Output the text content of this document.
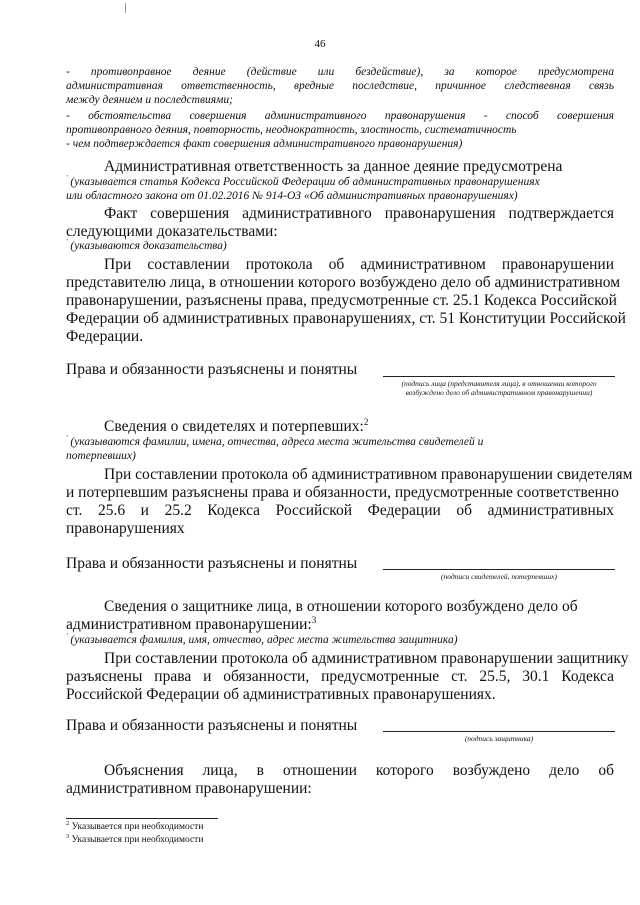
46
- противоправное деяние (действие или бездействие), за которое предусмотрена
административная ответственность, вредные последствие, причинное следствевная связь
между деянием и последствиями;
- обстоятельства совершения административного правонарушения - способ совершения
противоправного деяния, повторность, неоднократность, злостность, систематичность
- чем подтверждается факт совершения административного правонарушения)
Административная ответственность за данное деяние предусмотрена
' (указывается статья Кодекса Российской Федерации об административных правонарушениях
или областного закона от 01.02.2016 № 914-ОЗ «Об административных правонарушениях)
Факт совершения административного правонарушения подтверждается
следующими доказательствами:
' (указываются доказательства)
При составлении протокола об административном правонарушении
представителю лица, в отношении которого возбуждено дело об административном
правонарушении, разъяснены права, предусмотренные ст. 25.1 Кодекса Российской
Федерации об административных правонарушениях, ст. 51 Конституции Российской
Федерации.
Права и обязанности разъяснены и понятны
(подпись лица (представителя лица), в отношении которого
возбуждено дело об административном правонарушении)
Сведения о свидетелях и потерпевших:$^2$
' (указываются фамилии, имена, отчества, адреса места жительства свидетелей и
потерпевших)
При составлении протокола об административном правонарушении свидетелям
и потерпевшим разъяснены права и обязанности, предусмотренные соответственно
ст. 25.6 и 25.2 Кодекса Российской Федерации об административных
правонарушениях
Права и обязанности разъяснены и понятны
(подписи свидетелей, потерпевших)
Сведения о защитнике лица, в отношении которого возбуждено дело об
административном правонарушении:$^3$
' (указывается фамилия, имя, отчество, адрес места жительства защитника)
При составлении протокола об административном правонарушении защитнику
разъяснены права и обязанности, предусмотренные ст. 25.5, 30.1 Кодекса
Российской Федерации об административных правонарушениях.
Права и обязанности разъяснены и понятны
(подпись защитника)
Объяснения лица, в отношении которого возбуждено дело об
административном правонарушении:
$^2$ Указывается при необходимости
$^3$ Указывается при необходимости
